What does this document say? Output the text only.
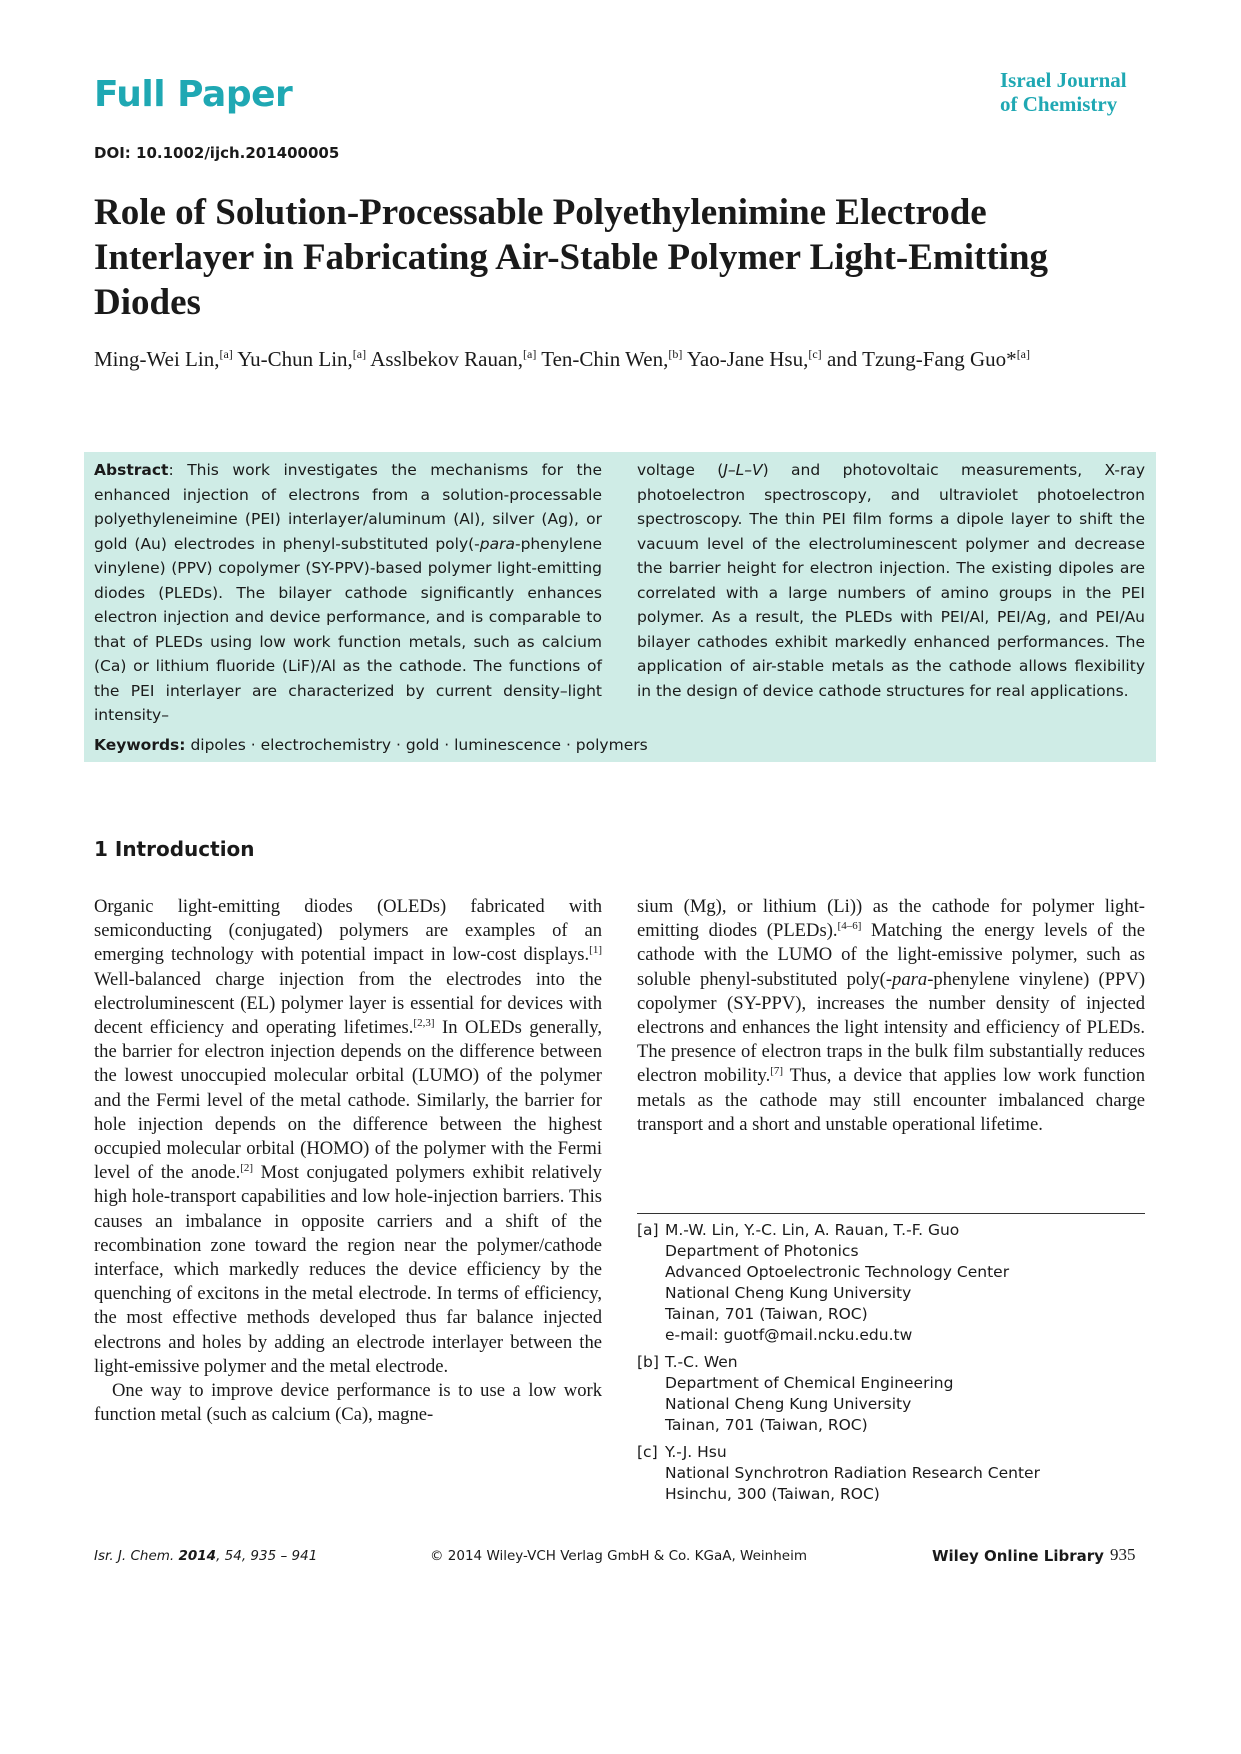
Full Paper	Israel Journal
of Chemistry
DOI: 10.1002/ijch.201400005
Role of Solution-Processable Polyethylenimine Electrode Interlayer in Fabricating Air-Stable Polymer Light-Emitting Diodes
Ming-Wei Lin,[a] Yu-Chun Lin,[a] Asslbekov Rauan,[a] Ten-Chin Wen,[b] Yao-Jane Hsu,[c] and Tzung-Fang Guo*[a]
Abstract: This work investigates the mechanisms for the enhanced injection of electrons from a solution-processable polyethyleneimine (PEI) interlayer/aluminum (Al), silver (Ag), or gold (Au) electrodes in phenyl-substituted poly(-para-phenylene vinylene) (PPV) copolymer (SY-PPV)-based polymer light-emitting diodes (PLEDs). The bilayer cathode significantly enhances electron injection and device performance, and is comparable to that of PLEDs using low work function metals, such as calcium (Ca) or lithium fluoride (LiF)/Al as the cathode. The functions of the PEI interlayer are characterized by current density–light intensity–
voltage (J–L–V) and photovoltaic measurements, X-ray photoelectron spectroscopy, and ultraviolet photoelectron spectroscopy. The thin PEI film forms a dipole layer to shift the vacuum level of the electroluminescent polymer and decrease the barrier height for electron injection. The existing dipoles are correlated with a large numbers of amino groups in the PEI polymer. As a result, the PLEDs with PEI/Al, PEI/Ag, and PEI/Au bilayer cathodes exhibit markedly enhanced performances. The application of air-stable metals as the cathode allows flexibility in the design of device cathode structures for real applications.
Keywords: dipoles · electrochemistry · gold · luminescence · polymers
1 Introduction

Organic light-emitting diodes (OLEDs) fabricated with semiconducting (conjugated) polymers are examples of an emerging technology with potential impact in low-cost displays.[1] Well-balanced charge injection from the electrodes into the electroluminescent (EL) polymer layer is essential for devices with decent efficiency and operating lifetimes.[2,3] In OLEDs generally, the barrier for electron injection depends on the difference between the lowest unoccupied molecular orbital (LUMO) of the polymer and the Fermi level of the metal cathode. Similarly, the barrier for hole injection depends on the difference between the highest occupied molecular orbital (HOMO) of the polymer with the Fermi level of the anode.[2] Most conjugated polymers exhibit relatively high hole-transport capabilities and low hole-injection barriers. This causes an imbalance in opposite carriers and a shift of the recombination zone toward the region near the polymer/cathode interface, which markedly reduces the device efficiency by the quenching of excitons in the metal electrode. In terms of efficiency, the most effective methods developed thus far balance injected electrons and holes by adding an electrode interlayer between the light-emissive polymer and the metal electrode.

One way to improve device performance is to use a low work function metal (such as calcium (Ca), magne-

sium (Mg), or lithium (Li)) as the cathode for polymer light-emitting diodes (PLEDs).[4–6] Matching the energy levels of the cathode with the LUMO of the light-emissive polymer, such as soluble phenyl-substituted poly(-para-phenylene vinylene) (PPV) copolymer (SY-PPV), increases the number density of injected electrons and enhances the light intensity and efficiency of PLEDs. The presence of electron traps in the bulk film substantially reduces electron mobility.[7] Thus, a device that applies low work function metals as the cathode may still encounter imbalanced charge transport and a short and unstable operational lifetime.

[a] M.-W. Lin, Y.-C. Lin, A. Rauan, T.-F. Guo
Department of Photonics
Advanced Optoelectronic Technology Center
National Cheng Kung University
Tainan, 701 (Taiwan, ROC)
e-mail: guotf@mail.ncku.edu.tw
[b] T.-C. Wen
Department of Chemical Engineering
National Cheng Kung University
Tainan, 701 (Taiwan, ROC)
[c] Y.-J. Hsu
National Synchrotron Radiation Research Center
Hsinchu, 300 (Taiwan, ROC)
Isr. J. Chem. 2014, 54, 935 – 941	© 2014 Wiley-VCH Verlag GmbH & Co. KGaA, Weinheim	Wiley Online Library 935
